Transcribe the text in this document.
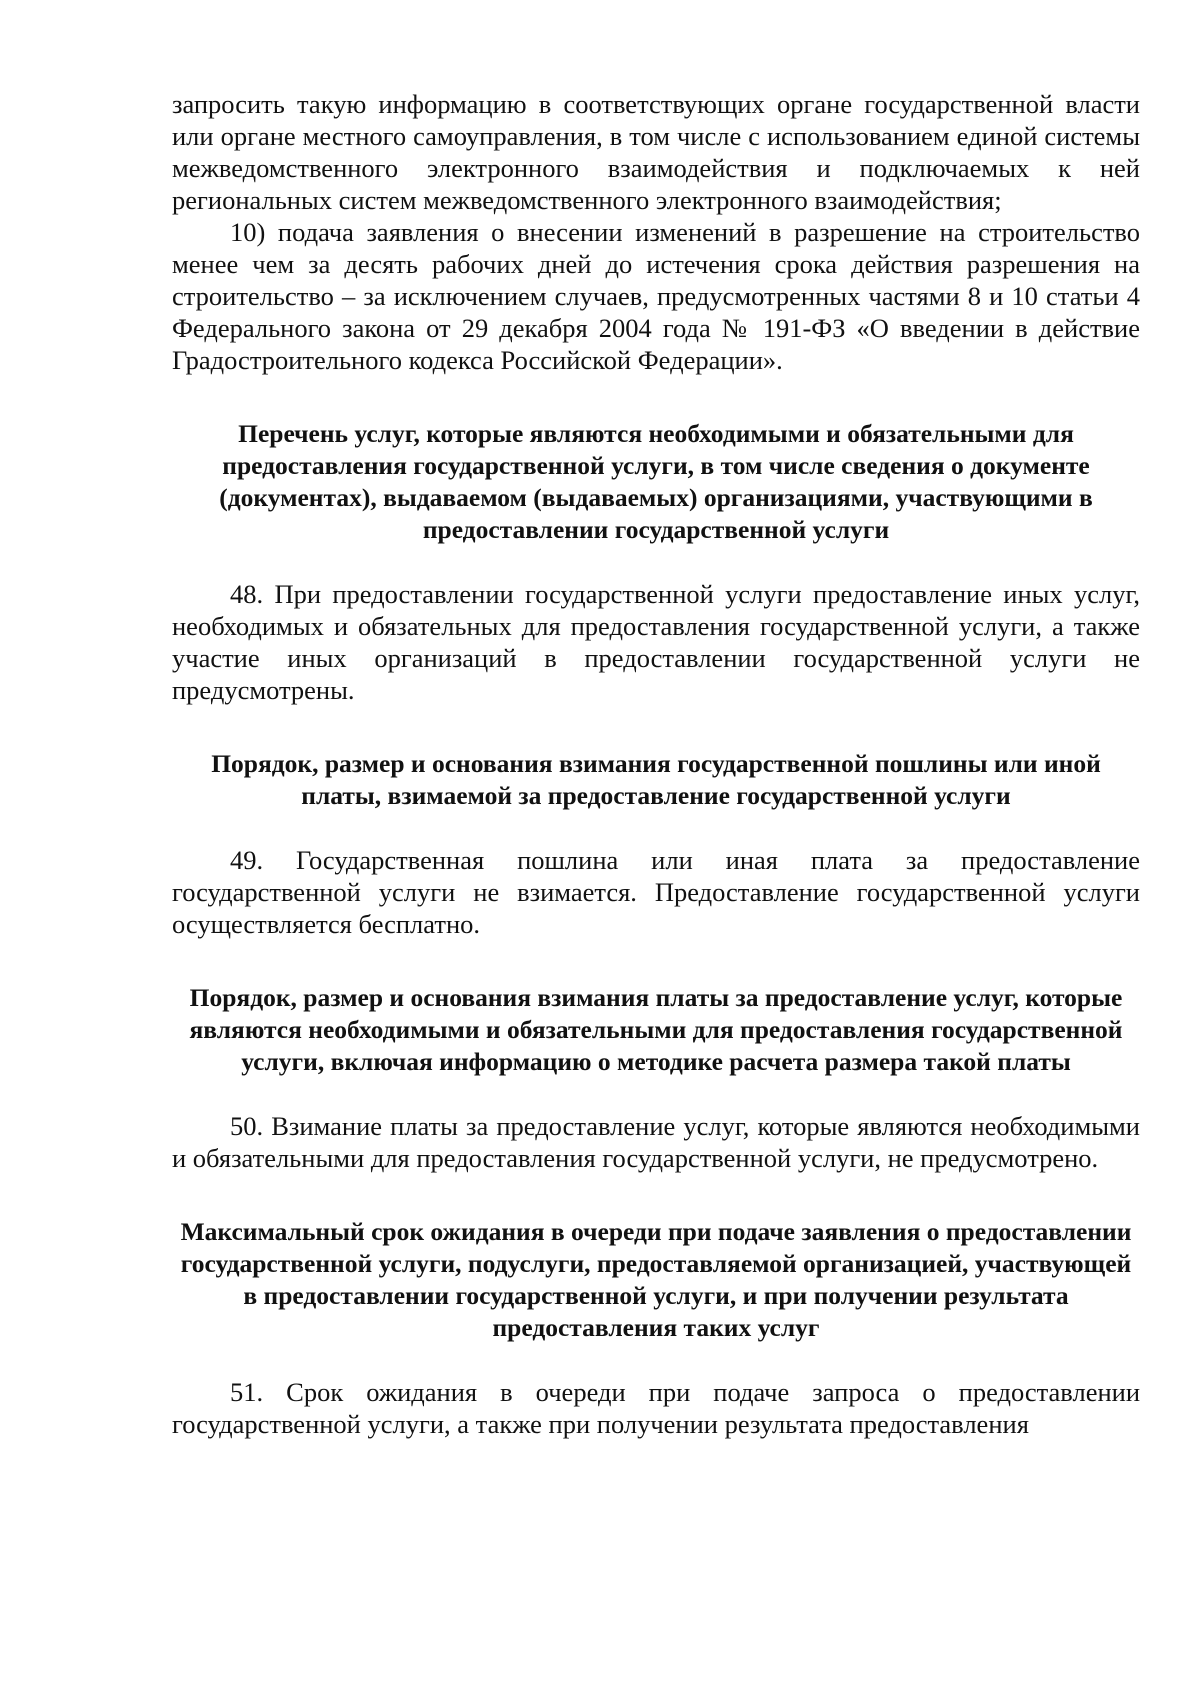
запросить такую информацию в соответствующих органе государственной власти или органе местного самоуправления, в том числе с использованием единой системы межведомственного электронного взаимодействия и подключаемых к ней региональных систем межведомственного электронного взаимодействия;

10) подача заявления о внесении изменений в разрешение на строительство менее чем за десять рабочих дней до истечения срока действия разрешения на строительство – за исключением случаев, предусмотренных частями 8 и 10 статьи 4 Федерального закона от 29 декабря 2004 года № 191-ФЗ «О введении в действие Градостроительного кодекса Российской Федерации».

Перечень услуг, которые являются необходимыми и обязательными для предоставления государственной услуги, в том числе сведения о документе (документах), выдаваемом (выдаваемых) организациями, участвующими в предоставлении государственной услуги

48. При предоставлении государственной услуги предоставление иных услуг, необходимых и обязательных для предоставления государственной услуги, а также участие иных организаций в предоставлении государственной услуги не предусмотрены.

Порядок, размер и основания взимания государственной пошлины или иной платы, взимаемой за предоставление государственной услуги

49. Государственная пошлина или иная плата за предоставление государственной услуги не взимается. Предоставление государственной услуги осуществляется бесплатно.

Порядок, размер и основания взимания платы за предоставление услуг, которые являются необходимыми и обязательными для предоставления государственной услуги, включая информацию о методике расчета размера такой платы

50. Взимание платы за предоставление услуг, которые являются необходимыми и обязательными для предоставления государственной услуги, не предусмотрено.

Максимальный срок ожидания в очереди при подаче заявления о предоставлении государственной услуги, подуслуги, предоставляемой организацией, участвующей в предоставлении государственной услуги, и при получении результата предоставления таких услуг

51. Срок ожидания в очереди при подаче запроса о предоставлении государственной услуги, а также при получении результата предоставления
